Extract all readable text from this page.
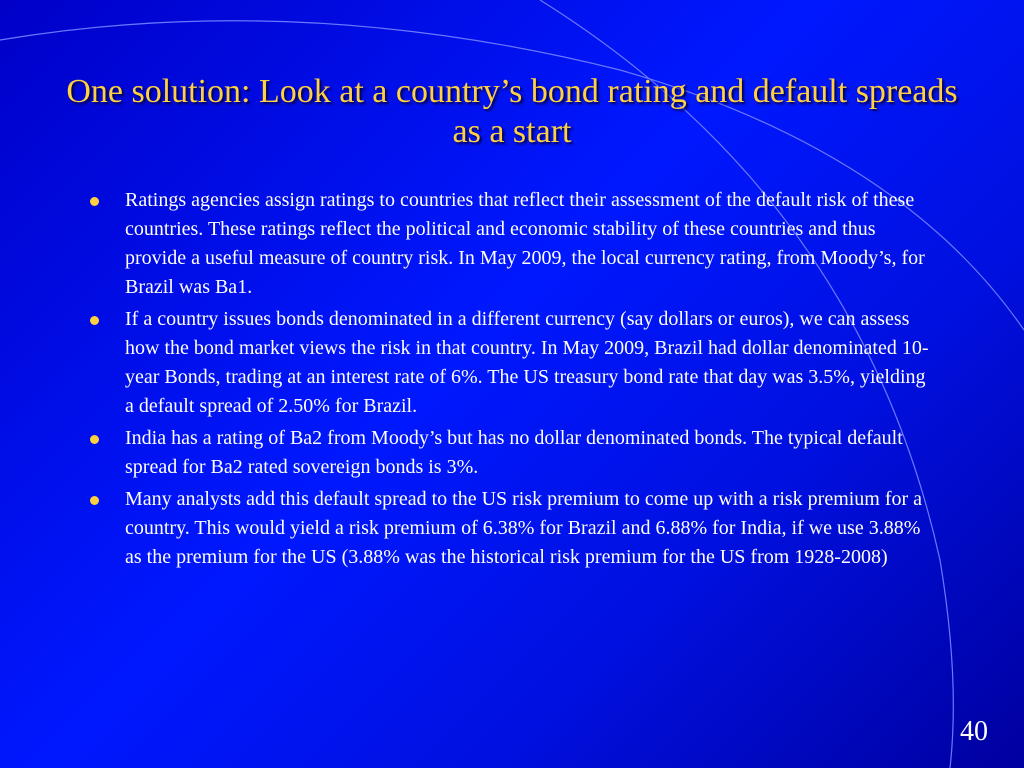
One solution: Look at a country’s bond rating and default spreads as a start
Ratings agencies assign ratings to countries that reflect their assessment of the default risk of these countries. These ratings reflect the political and economic stability of these countries and thus provide a useful measure of country risk. In May 2009, the local currency rating, from Moody’s, for Brazil was Ba1.
If a country issues bonds denominated in a different currency (say dollars or euros), we can assess how the bond market views the risk in that country. In May 2009, Brazil had dollar denominated 10-year Bonds, trading at an interest rate of 6%. The US treasury bond rate that day was 3.5%, yielding a default spread of 2.50% for Brazil.
India has a rating of Ba2 from Moody’s but has no dollar denominated bonds. The typical default spread for Ba2 rated sovereign bonds is 3%.
Many analysts add this default spread to the US risk premium to come up with a risk premium for a country. This would yield a risk premium of 6.38% for Brazil and 6.88% for India, if we use 3.88% as the premium for the US (3.88% was the historical risk premium for the US from 1928-2008)
40
